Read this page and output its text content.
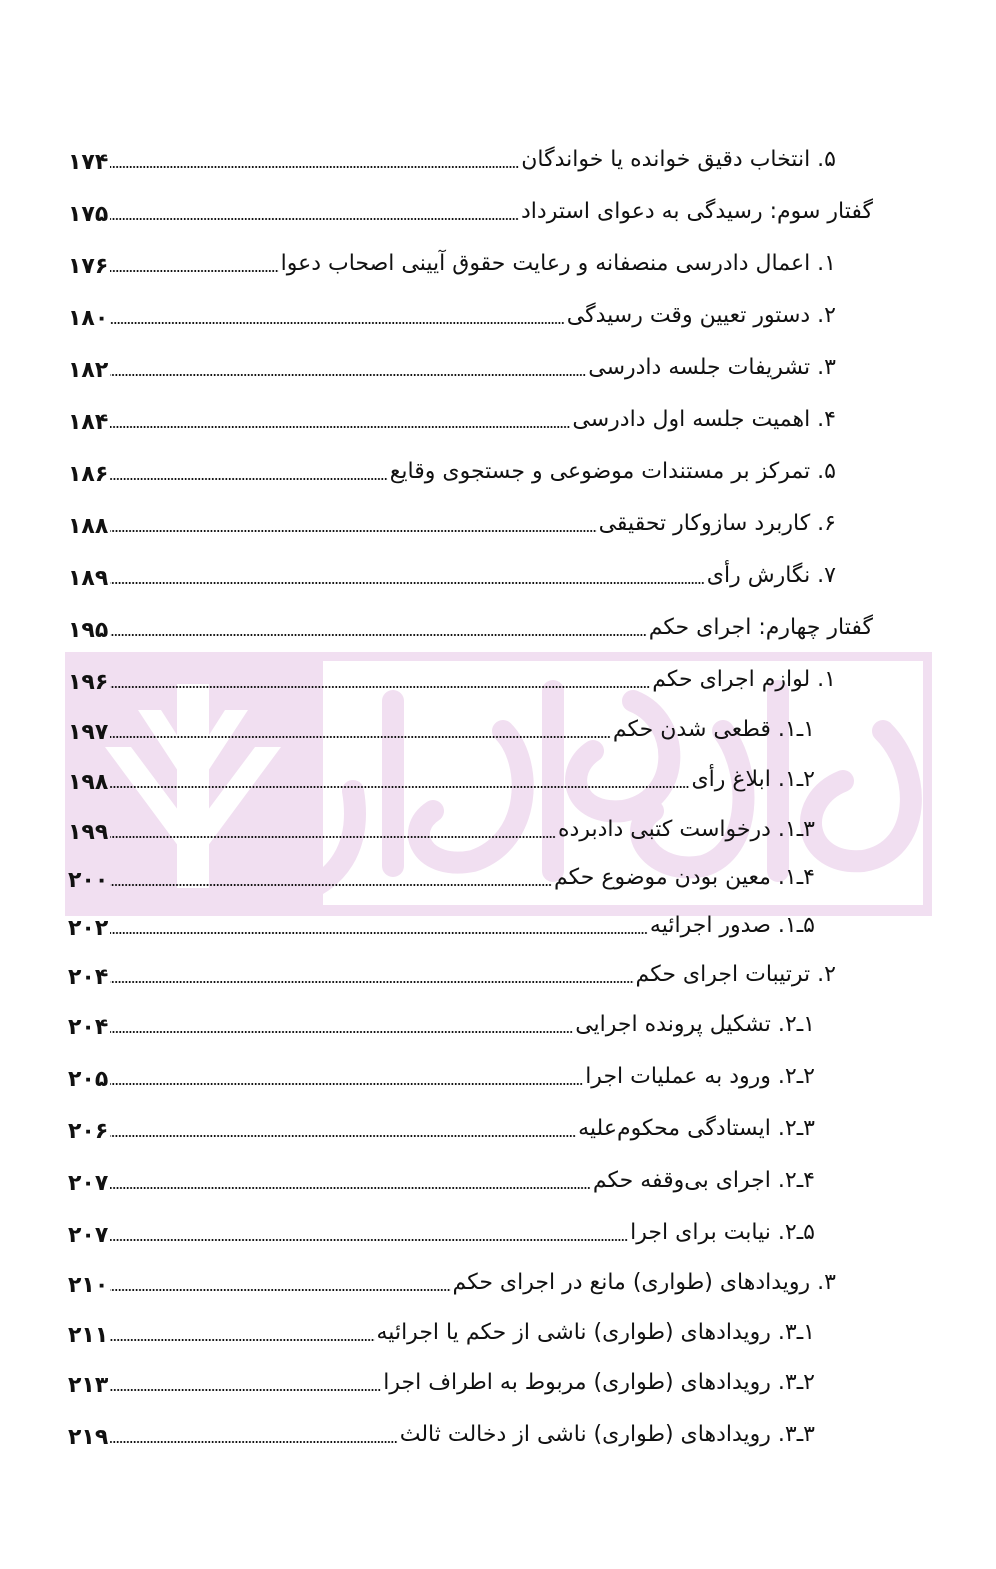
۱۷۴	۵. انتخاب دقیق خوانده یا خواندگان
۱۷۵	گفتار سوم: رسیدگی به دعوای استرداد
۱۷۶	۱. اعمال دادرسی منصفانه و رعایت حقوق آیینی اصحاب دعوا
۱۸۰	۲. دستور تعیین وقت رسیدگی
۱۸۲	۳. تشریفات جلسه دادرسی
۱۸۴	۴. اهمیت جلسه اول دادرسی
۱۸۶	۵. تمرکز بر مستندات موضوعی و جستجوی وقایع
۱۸۸	۶. کاربرد سازوکار تحقیقی
۱۸۹	۷. نگارش رأی
۱۹۵	گفتار چهارم: اجرای حکم
۱۹۶	۱. لوازم اجرای حکم
۱۹۷	۱ـ۱. قطعی شدن حکم
۱۹۸	۲ـ۱. ابلاغ رأی
۱۹۹	۳ـ۱. درخواست کتبی دادبرده
۲۰۰	۴ـ۱. معین بودن موضوع حکم
۲۰۲	۵ـ۱. صدور اجرائیه
۲۰۴	۲. ترتیبات اجرای حکم
۲۰۴	۱ـ۲. تشکیل پرونده اجرایی
۲۰۵	۲ـ۲. ورود به عملیات اجرا
۲۰۶	۳ـ۲. ایستادگی محکوم‌علیه
۲۰۷	۴ـ۲. اجرای بی‌وقفه حکم
۲۰۷	۵ـ۲. نیابت برای اجرا
۲۱۰	۳. رویدادهای (طواری) مانع در اجرای حکم
۲۱۱	۱ـ۳. رویدادهای (طواری) ناشی از حکم یا اجرائیه
۲۱۳	۲ـ۳. رویدادهای (طواری) مربوط به اطراف اجرا
۲۱۹	۳ـ۳. رویدادهای (طواری) ناشی از دخالت ثالث
